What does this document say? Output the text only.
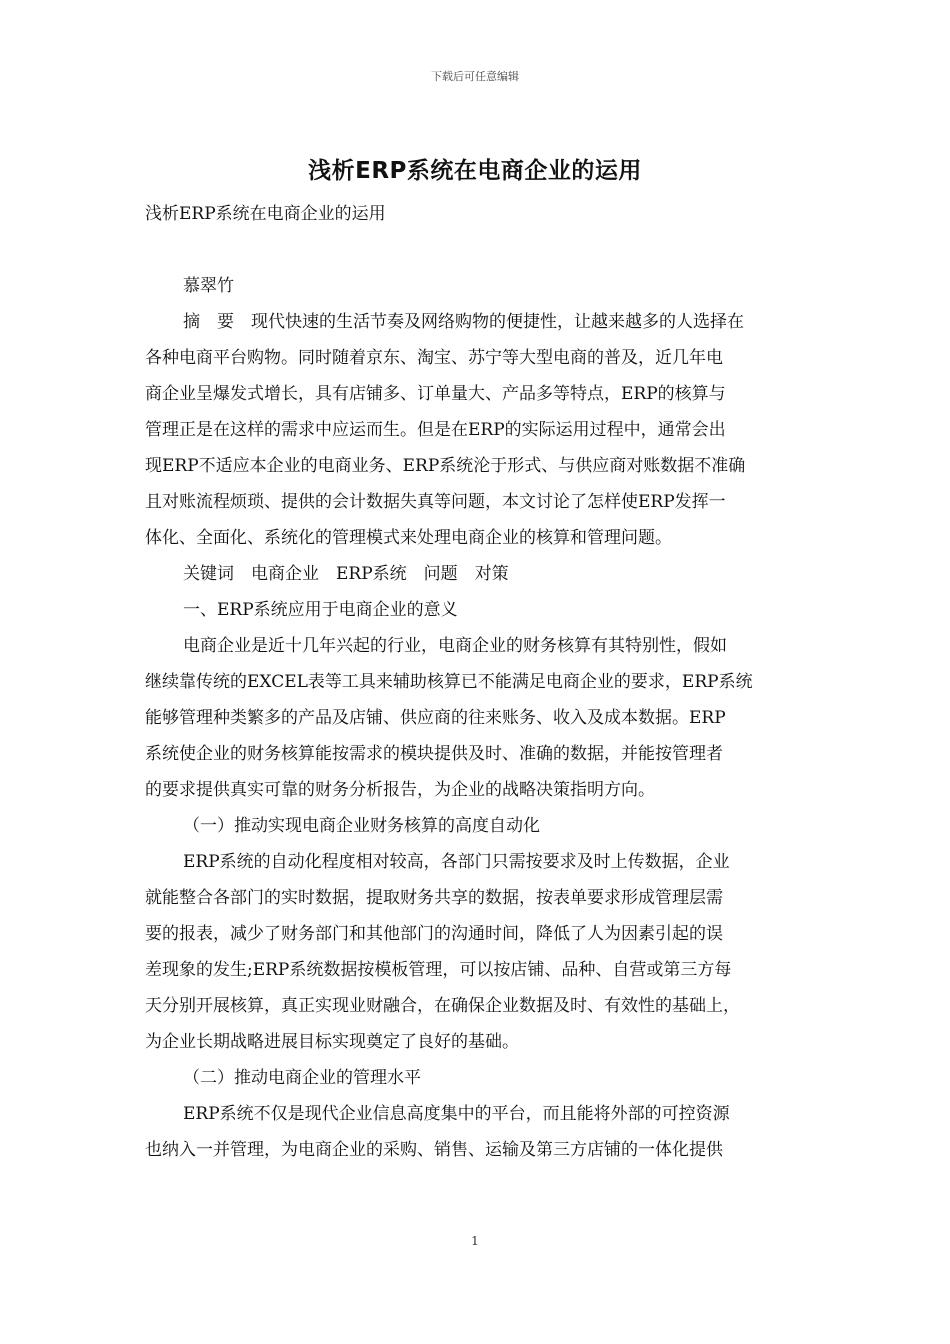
下载后可任意编辑
浅析ERP系统在电商企业的运用
浅析ERP系统在电商企业的运用
慕翠竹
摘　要　现代快速的生活节奏及网络购物的便捷性，让越来越多的人选择在
各种电商平台购物。同时随着京东、淘宝、苏宁等大型电商的普及，近几年电
商企业呈爆发式增长，具有店铺多、订单量大、产品多等特点，ERP的核算与
管理正是在这样的需求中应运而生。但是在ERP的实际运用过程中，通常会出
现ERP不适应本企业的电商业务、ERP系统沦于形式、与供应商对账数据不准确
且对账流程烦琐、提供的会计数据失真等问题，本文讨论了怎样使ERP发挥一
体化、全面化、系统化的管理模式来处理电商企业的核算和管理问题。
关键词　电商企业　ERP系统　问题　对策
一、ERP系统应用于电商企业的意义
电商企业是近十几年兴起的行业，电商企业的财务核算有其特别性，假如
继续靠传统的EXCEL表等工具来辅助核算已不能满足电商企业的要求，ERP系统
能够管理种类繁多的产品及店铺、供应商的往来账务、收入及成本数据。ERP
系统使企业的财务核算能按需求的模块提供及时、准确的数据，并能按管理者
的要求提供真实可靠的财务分析报告，为企业的战略决策指明方向。
（一）推动实现电商企业财务核算的高度自动化
ERP系统的自动化程度相对较高，各部门只需按要求及时上传数据，企业
就能整合各部门的实时数据，提取财务共享的数据，按表单要求形成管理层需
要的报表，减少了财务部门和其他部门的沟通时间，降低了人为因素引起的误
差现象的发生;ERP系统数据按模板管理，可以按店铺、品种、自营或第三方每
天分别开展核算，真正实现业财融合，在确保企业数据及时、有效性的基础上，
为企业长期战略进展目标实现奠定了良好的基础。
（二）推动电商企业的管理水平
ERP系统不仅是现代企业信息高度集中的平台，而且能将外部的可控资源
也纳入一并管理，为电商企业的采购、销售、运输及第三方店铺的一体化提供
1
